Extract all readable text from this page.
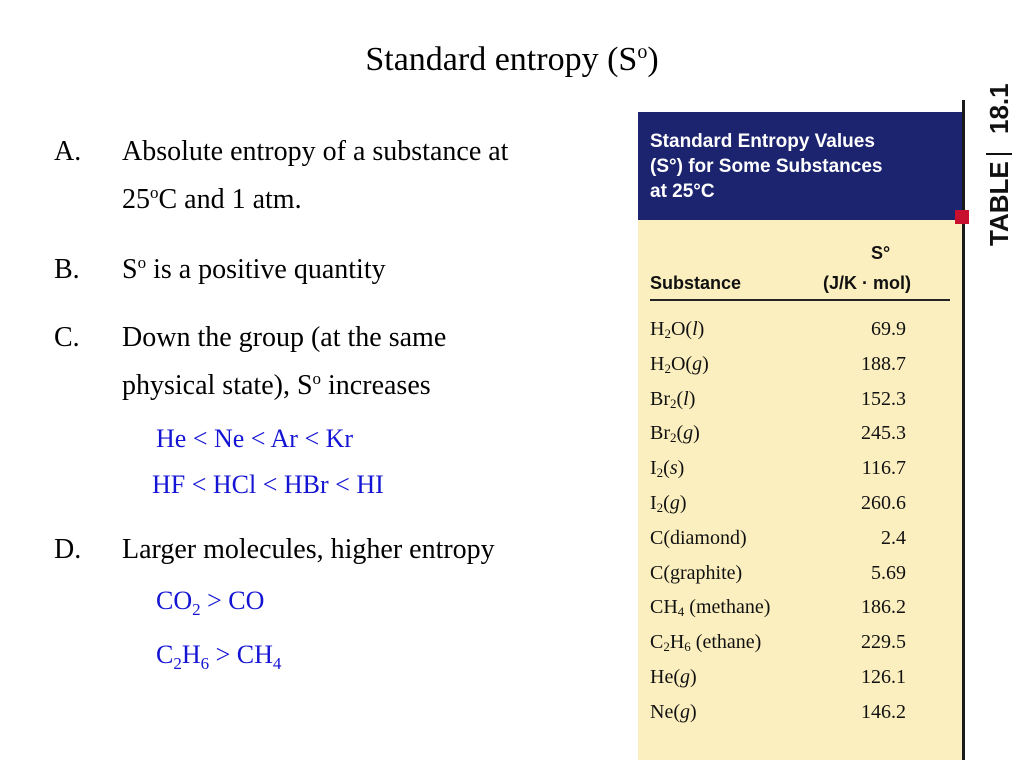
Standard entropy $(S^o)$
A. Absolute entropy of a substance at
25$^o$C and 1 atm.
B. $S^o$ is a positive quantity
C. Down the group (at the same
physical state), $S^o$ increases
He < Ne < Ar < Kr
HF < HCl < HBr < HI
D. Larger molecules, higher entropy
$CO_2$ > CO
$C_2H_6 > CH_4$
Standard Entropy Values
(S°) for Some Substances
at 25°C	TABLE
18.1
S°
Substance	(J/K · mol)
$H_2O(l)$	69.9
$H_2O(g)$	188.7
$Br_2(l)$	152.3
$Br_2(g)$	245.3
$I_2(s)$	116.7
$I_2(g)$	260.6
C(diamond)	2.4
C(graphite)	5.69
$CH_4$ (methane)	186.2
$C_2H_6$ (ethane)	229.5
He(g)	126.1
Ne(g)	146.2
